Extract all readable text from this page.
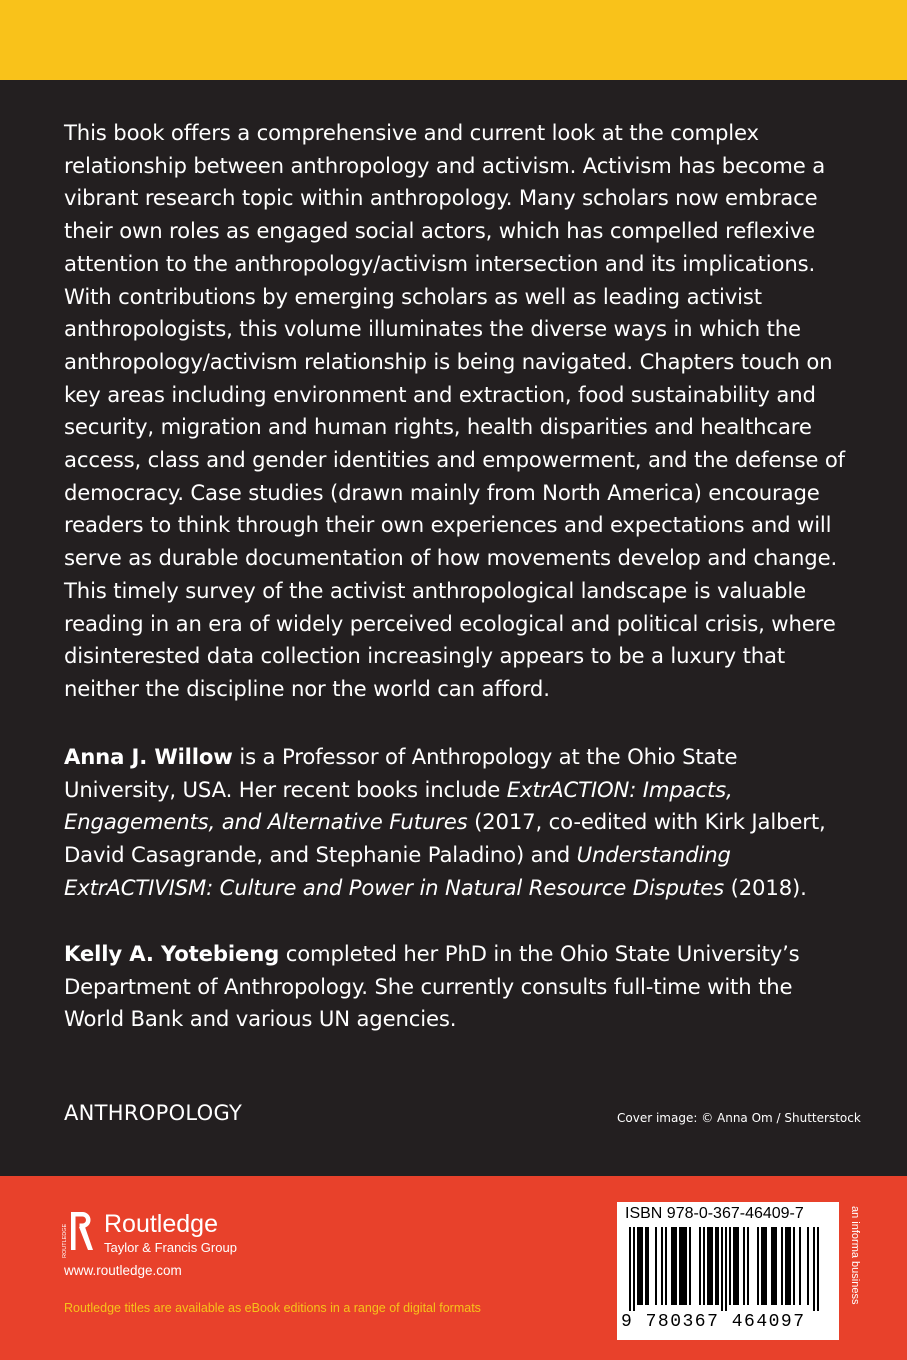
This book offers a comprehensive and current look at the complex relationship between anthropology and activism. Activism has become a vibrant research topic within anthropology. Many scholars now embrace their own roles as engaged social actors, which has compelled reflexive attention to the anthropology/activism intersection and its implications. With contributions by emerging scholars as well as leading activist anthropologists, this volume illuminates the diverse ways in which the anthropology/activism relationship is being navigated. Chapters touch on key areas including environment and extraction, food sustainability and security, migration and human rights, health disparities and healthcare access, class and gender identities and empowerment, and the defense of democracy. Case studies (drawn mainly from North America) encourage readers to think through their own experiences and expectations and will serve as durable documentation of how movements develop and change. This timely survey of the activist anthropological landscape is valuable reading in an era of widely perceived ecological and political crisis, where disinterested data collection increasingly appears to be a luxury that neither the discipline nor the world can afford.

Anna J. Willow is a Professor of Anthropology at the Ohio State University, USA. Her recent books include ExtrACTION: Impacts, Engagements, and Alternative Futures (2017, co-edited with Kirk Jalbert, David Casagrande, and Stephanie Paladino) and Understanding ExtrACTIVISM: Culture and Power in Natural Resource Disputes (2018).

Kelly A. Yotebieng completed her PhD in the Ohio State University’s Department of Anthropology. She currently consults full-time with the World Bank and various UN agencies.

ANTHROPOLOGY	Cover image: © Anna Om / Shutterstock

ROUTLEDGE Routledge

Taylor & Francis Group

www.routledge.com

Routledge titles are available as eBook editions in a range of digital formats

ISBN 978-0-367-46409-7

9 780367 464097

an informa business
